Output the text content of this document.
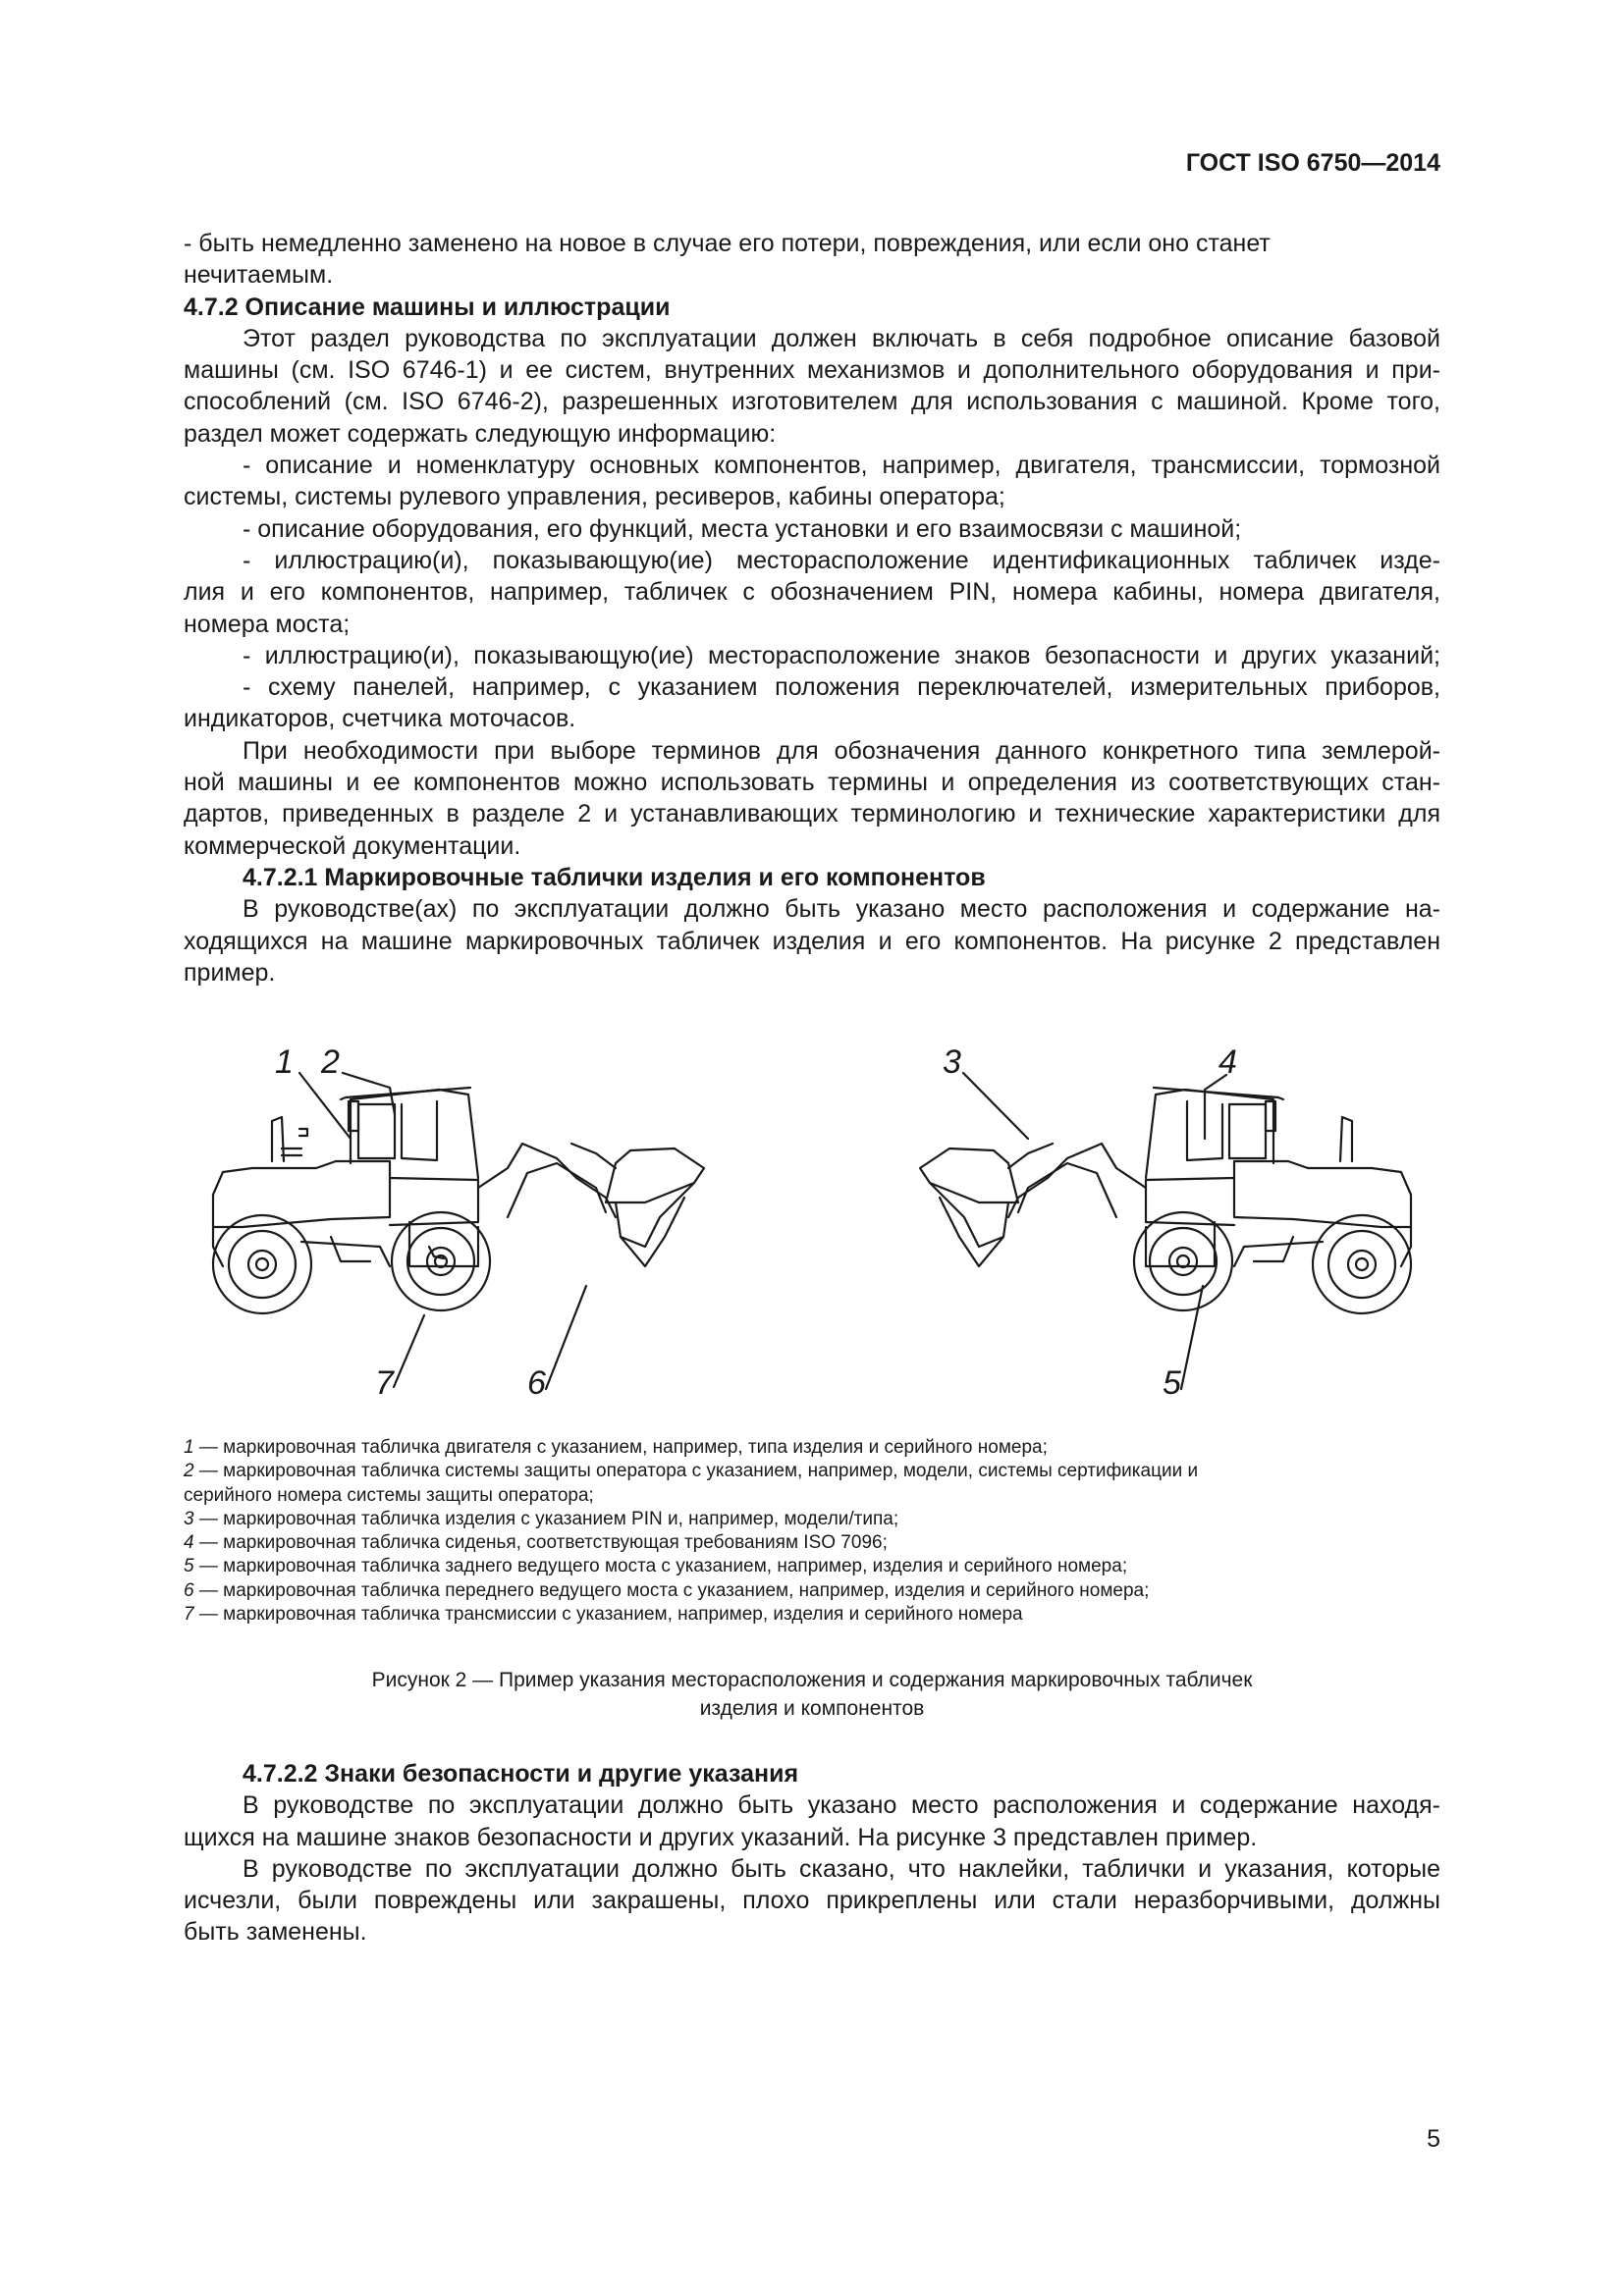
ГОСТ ISO 6750—2014
- быть немедленно заменено на новое в случае его потери, повреждения, или если оно станет
нечитаемым.
4.7.2 Описание машины и иллюстрации
Этот раздел руководства по эксплуатации должен включать в себя подробное описание базовой
машины (см. ISO 6746-1) и ее систем, внутренних механизмов и дополнительного оборудования и при-
способлений (см. ISO 6746-2), разрешенных изготовителем для использования с машиной. Кроме того,
раздел может содержать следующую информацию:
- описание и номенклатуру основных компонентов, например, двигателя, трансмиссии, тормозной
системы, системы рулевого управления, ресиверов, кабины оператора;
- описание оборудования, его функций, места установки и его взаимосвязи с машиной;
- иллюстрацию(и), показывающую(ие) месторасположение идентификационных табличек изде-
лия и его компонентов, например, табличек с обозначением PIN, номера кабины, номера двигателя,
номера моста;
- иллюстрацию(и), показывающую(ие) месторасположение знаков безопасности и других указаний;
- схему панелей, например, с указанием положения переключателей, измерительных приборов,
индикаторов, счетчика моточасов.
При необходимости при выборе терминов для обозначения данного конкретного типа землерой-
ной машины и ее компонентов можно использовать термины и определения из соответствующих стан-
дартов, приведенных в разделе 2 и устанавливающих терминологию и технические характеристики для
коммерческой документации.
4.7.2.1 Маркировочные таблички изделия и его компонентов
В руководстве(ах) по эксплуатации должно быть указано место расположения и содержание на-
ходящихся на машине маркировочных табличек изделия и его компонентов. На рисунке 2 представлен
пример.
1 2	3	4
5
6
7
1 — маркировочная табличка двигателя с указанием, например, типа изделия и серийного номера;
2 — маркировочная табличка системы защиты оператора с указанием, например, модели, системы сертификации и
серийного номера системы защиты оператора;
3 — маркировочная табличка изделия с указанием PIN и, например, модели/типа;
4 — маркировочная табличка сиденья, соответствующая требованиям ISO 7096;
5 — маркировочная табличка заднего ведущего моста с указанием, например, изделия и серийного номера;
6 — маркировочная табличка переднего ведущего моста с указанием, например, изделия и серийного номера;
7 — маркировочная табличка трансмиссии с указанием, например, изделия и серийного номера
Рисунок 2 — Пример указания месторасположения и содержания маркировочных табличек
изделия и компонентов
4.7.2.2 Знаки безопасности и другие указания
В руководстве по эксплуатации должно быть указано место расположения и содержание находя-
щихся на машине знаков безопасности и других указаний. На рисунке 3 представлен пример.
В руководстве по эксплуатации должно быть сказано, что наклейки, таблички и указания, которые
исчезли, были повреждены или закрашены, плохо прикреплены или стали неразборчивыми, должны
быть заменены.
5
